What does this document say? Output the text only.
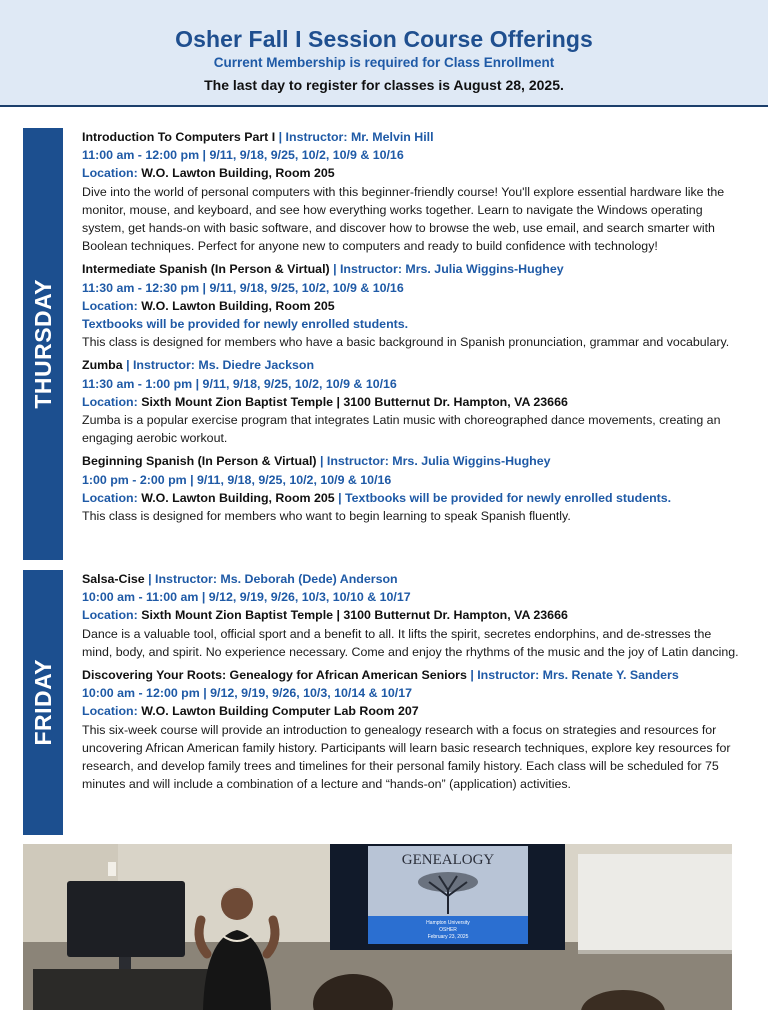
Osher Fall I Session Course Offerings
Current Membership is required for Class Enrollment
The last day to register for classes is August 28, 2025.
THURSDAY
Introduction To Computers Part I | Instructor: Mr. Melvin Hill
11:00 am - 12:00 pm | 9/11, 9/18, 9/25, 10/2, 10/9 & 10/16
Location: W.O. Lawton Building, Room 205
Dive into the world of personal computers with this beginner-friendly course! You'll explore essential hardware like the monitor, mouse, and keyboard, and see how everything works together. Learn to navigate the Windows operating system, get hands-on with basic software, and discover how to browse the web, use email, and search smarter with Boolean techniques. Perfect for anyone new to computers and ready to build confidence with technology!
Intermediate Spanish (In Person & Virtual) | Instructor: Mrs. Julia Wiggins-Hughey
11:30 am - 12:30 pm | 9/11, 9/18, 9/25, 10/2, 10/9 & 10/16
Location: W.O. Lawton Building, Room 205
Textbooks will be provided for newly enrolled students.
This class is designed for members who have a basic background in Spanish pronunciation, grammar and vocabulary.
Zumba | Instructor: Ms. Diedre Jackson
11:30 am - 1:00 pm | 9/11, 9/18, 9/25, 10/2, 10/9 & 10/16
Location: Sixth Mount Zion Baptist Temple | 3100 Butternut Dr. Hampton, VA 23666
Zumba is a popular exercise program that integrates Latin music with choreographed dance movements, creating an engaging aerobic workout.
Beginning Spanish (In Person & Virtual) | Instructor: Mrs. Julia Wiggins-Hughey
1:00 pm - 2:00 pm | 9/11, 9/18, 9/25, 10/2, 10/9 & 10/16
Location: W.O. Lawton Building, Room 205 | Textbooks will be provided for newly enrolled students.
This class is designed for members who want to begin learning to speak Spanish fluently.
FRIDAY
Salsa-Cise | Instructor: Ms. Deborah (Dede) Anderson
10:00 am - 11:00 am | 9/12, 9/19, 9/26, 10/3, 10/10 & 10/17
Location: Sixth Mount Zion Baptist Temple | 3100 Butternut Dr. Hampton, VA 23666
Dance is a valuable tool, official sport and a benefit to all. It lifts the spirit, secretes endorphins, and de-stresses the mind, body, and spirit. No experience necessary. Come and enjoy the rhythms of the music and the joy of Latin dancing.
Discovering Your Roots: Genealogy for African American Seniors | Instructor: Mrs. Renate Y. Sanders
10:00 am - 12:00 pm | 9/12, 9/19, 9/26, 10/3, 10/14 & 10/17
Location: W.O. Lawton Building Computer Lab Room 207
This six-week course will provide an introduction to genealogy research with a focus on strategies and resources for uncovering African American family history. Participants will learn basic research techniques, explore key resources for research, and develop family trees and timelines for their personal family history. Each class will be scheduled for 75 minutes and will include a combination of a lecture and “hands-on” (application) activities.
GENEALOGY
Hampton University
OSHER
February 23, 2025
